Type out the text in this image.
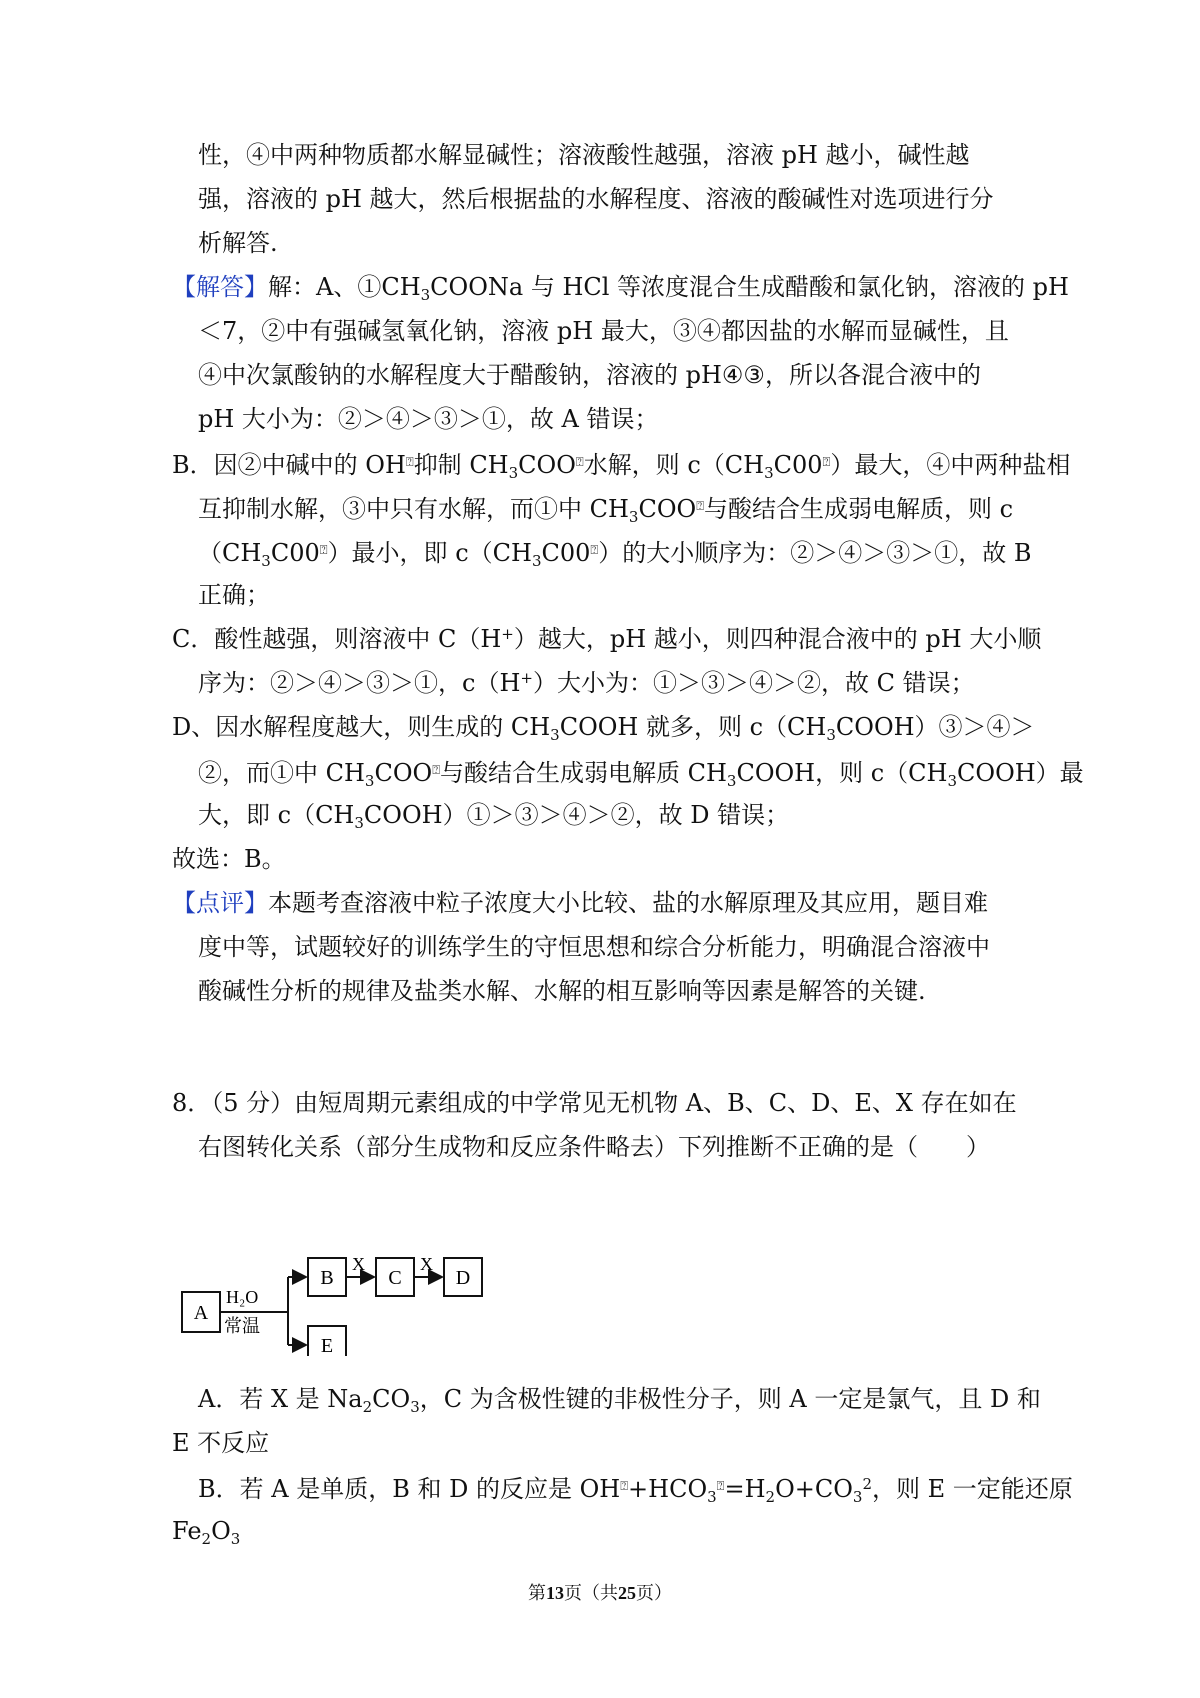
性，④中两种物质都水解显碱性；溶液酸性越强，溶液 pH 越小，碱性越
强，溶液的 pH 越大，然后根据盐的水解程度、溶液的酸碱性对选项进行分
析解答.
【解答】解：A、$①CH_3COONa$ 与 HCl 等浓度混合生成醋酸和氯化钠，溶液的 pH
＜7，②中有强碱氢氧化钠，溶液 pH 最大，③④都因盐的水解而显碱性，且
④中次氯酸钠的水解程度大于醋酸钠，溶液的 pH④③，所以各混合液中的
pH 大小为：②＞④＞③＞①，故 A 错误；
B．因②中碱中的 OH⍰抑制 $CH_3COO^⍰$水解，则 $c(CH_3C00^⍰)$最大，④中两种盐相
互抑制水解，③中只有水解，而①中 $CH_3COO^⍰$与酸结合生成弱电解质，则 c
$(CH_3C00^⍰)$最小，即 $c(CH_3C00^⍰)$的大小顺序为：②＞④＞③＞①，故 B
正确；
C．酸性越强，则溶液中 C（H+）越大，pH 越小，则四种混合液中的 pH 大小顺
序为：②＞④＞③＞①，c（H+）大小为：①＞③＞④＞②，故 C 错误；
D、因水解程度越大，则生成的 $CH_3COOH$ 就多，则 $c(CH_3COOH)③>④>$
②，而①中 $CH_3COO^⍰$与酸结合生成弱电解质 $CH_3COOH$，则 $c(CH_3COOH)$最
大，即 $c(CH_3COOH)①>③>④>②$，故 D 错误；
故选：B。
【点评】本题考查溶液中粒子浓度大小比较、盐的水解原理及其应用，题目难
度中等，试题较好的训练学生的守恒思想和综合分析能力，明确混合溶液中
酸碱性分析的规律及盐类水解、水解的相互影响等因素是解答的关键.
8．（5 分）由短周期元素组成的中学常见无机物 A、B、C、D、E、X 存在如在
右图转化关系（部分生成物和反应条件略去）下列推断不正确的是（　　）
A
H₂O
常温
B
X
C
X
D
E
A．若 X 是 $Na_2CO_3$，C 为含极性键的非极性分子，则 A 一定是氯气，且 D 和
E 不反应
B．若 A 是单质，B 和 D 的反应是 $OH^⍰+HCO_3^⍰=H_2O+CO_3^2$，则 E 一定能还原
$Fe_2O_3$
第13页（共25页）
